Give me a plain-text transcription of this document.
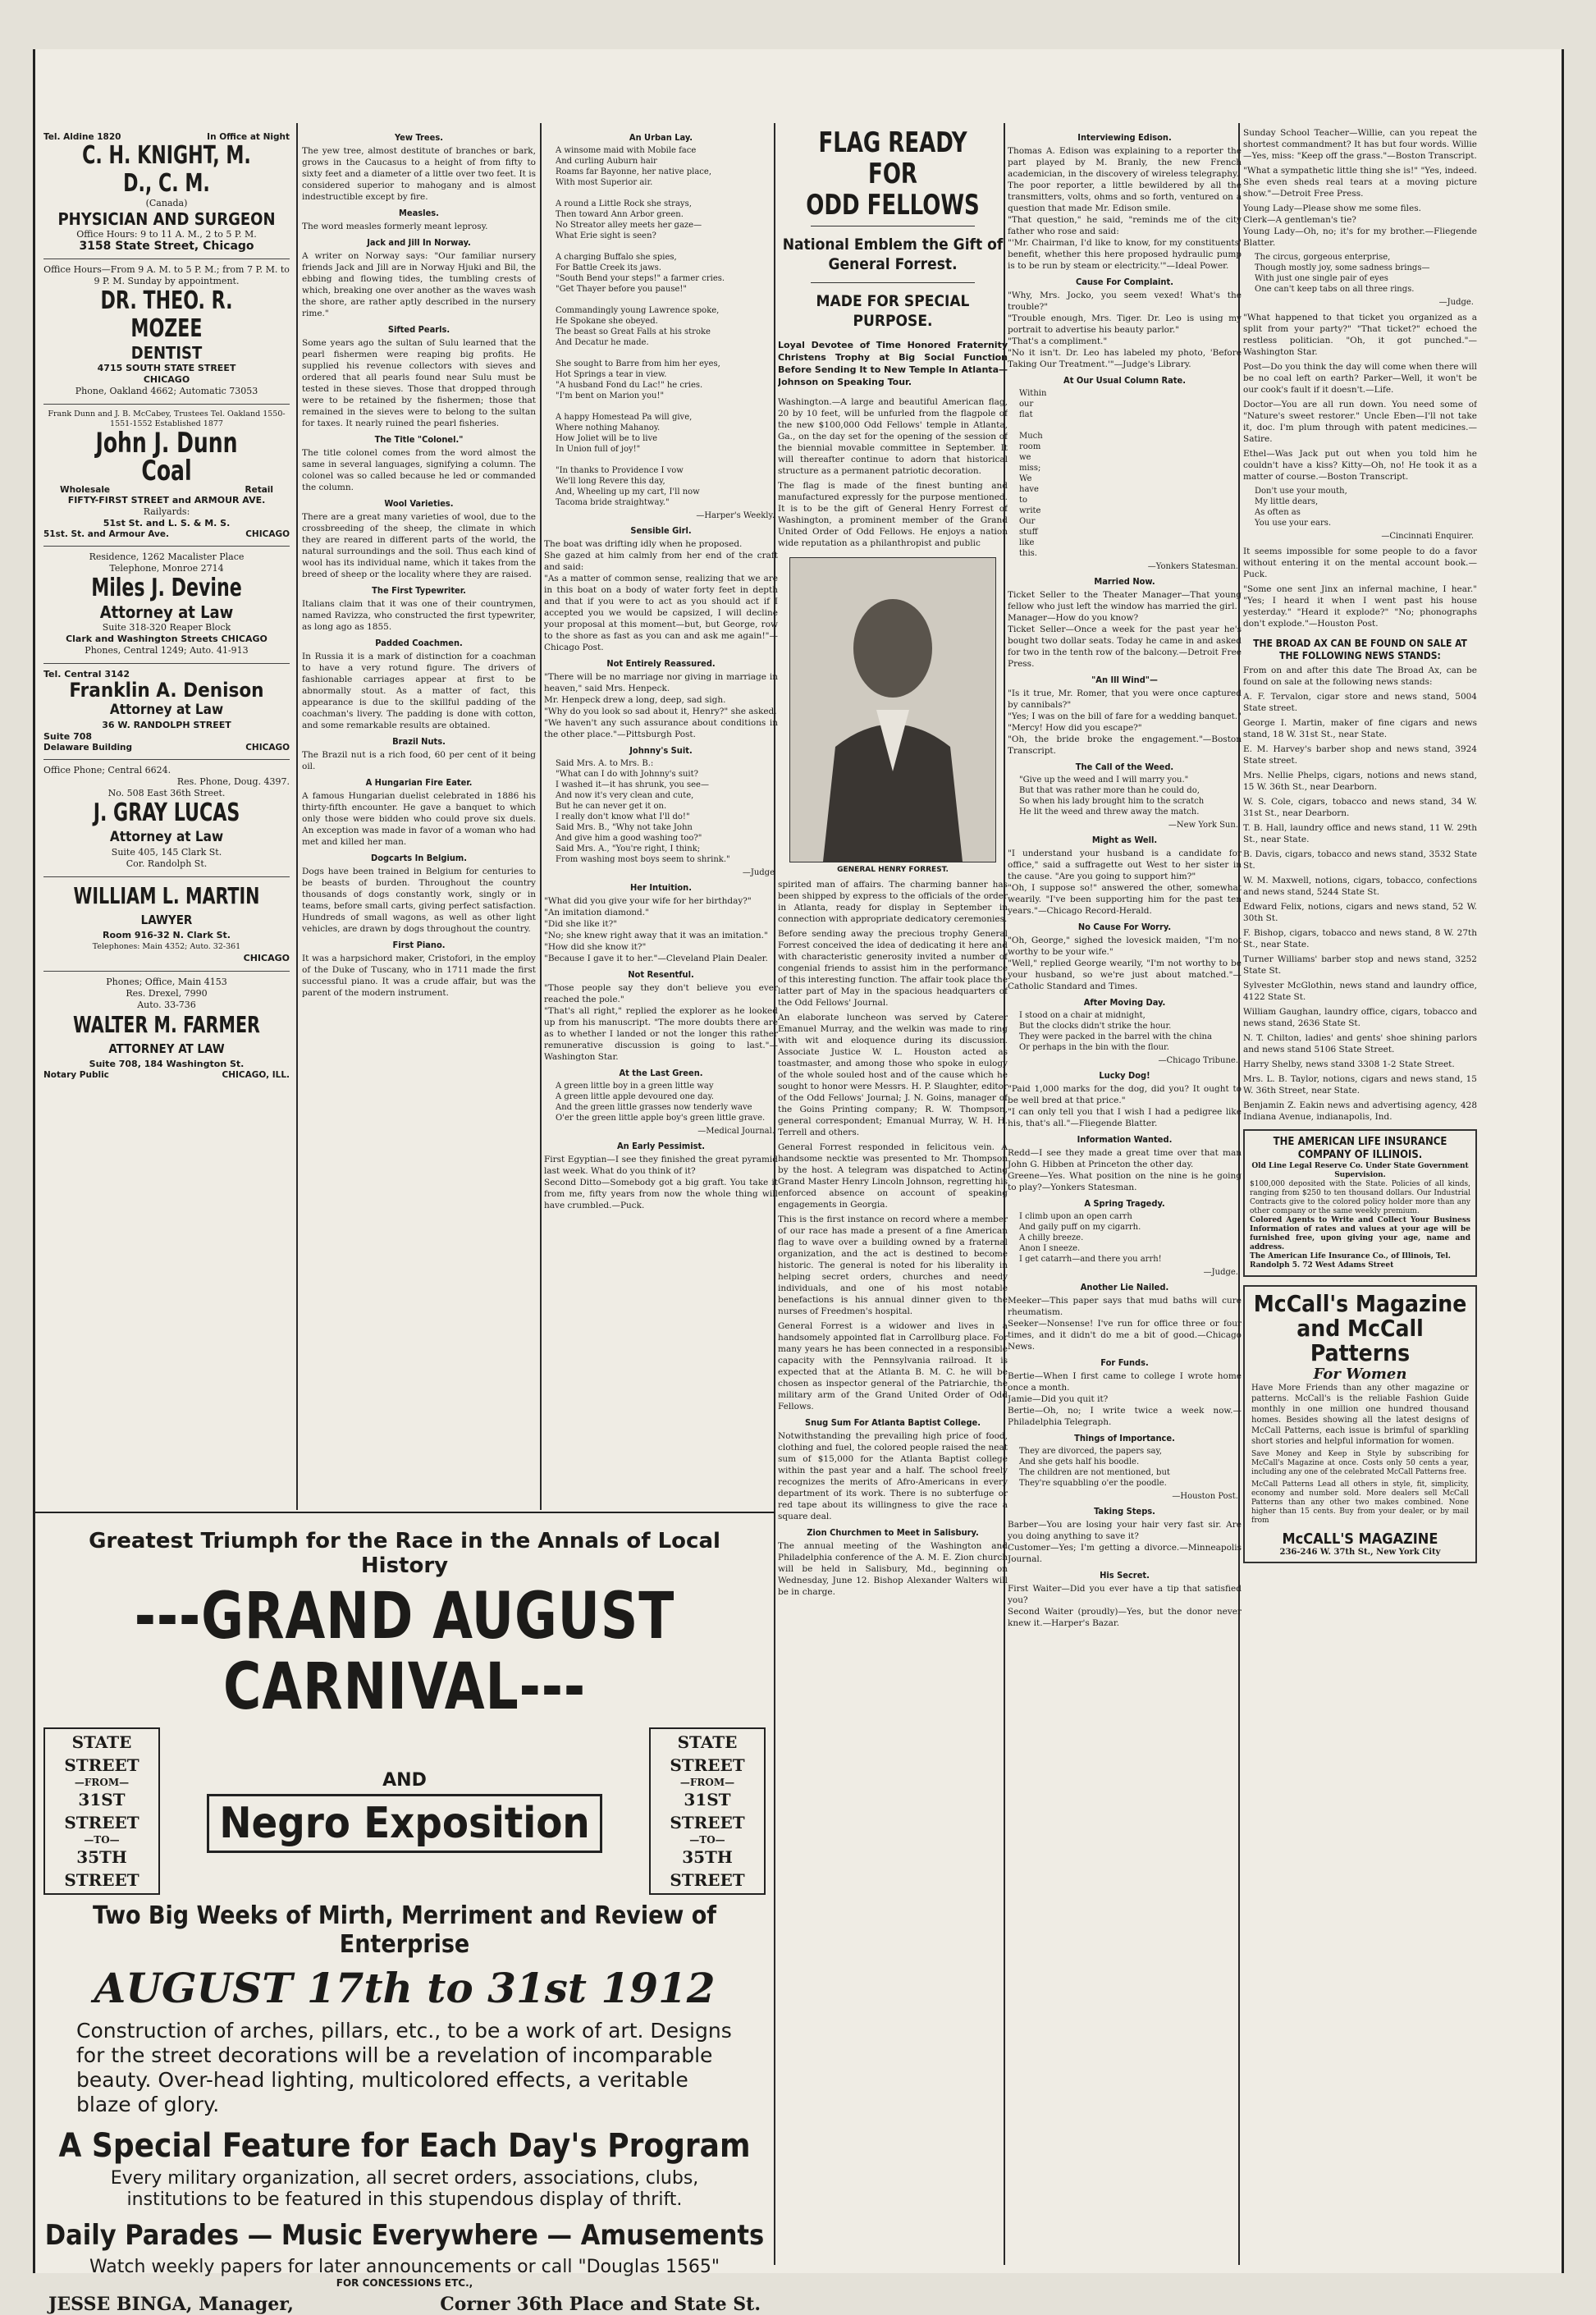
Tel. Aldine 1820	In Office at Night
C. H. KNIGHT, M. D., C. M.
(Canada)
PHYSICIAN AND SURGEON
Office Hours: 9 to 11 A. M., 2 to 5 P. M.
3158 State Street, Chicago
Office Hours—From 9 A. M. to 5 P. M.; from 7 P. M. to 9 P. M. Sunday by appointment.
DR. THEO. R. MOZEE
DENTIST
4715 SOUTH STATE STREET
CHICAGO
Phone, Oakland 4662; Automatic 73053
Frank Dunn and J. B. McCabey, Trustees Tel. Oakland 1550-1551-1552 Established 1877
John J. Dunn
Coal
Wholesale	Retail
FIFTY-FIRST STREET and ARMOUR AVE.
Railyards:
51st St. and L. S. & M. S.
51st. St. and Armour Ave.	CHICAGO
Residence, 1262 Macalister Place
Telephone, Monroe 2714
Miles J. Devine
Attorney at Law
Suite 318-320 Reaper Block
Clark and Washington Streets CHICAGO
Phones, Central 1249; Auto. 41-913
Tel. Central 3142
Franklin A. Denison
Attorney at Law
36 W. RANDOLPH STREET
Suite 708
Delaware Building	CHICAGO
Office Phone; Central 6624.
Res. Phone, Doug. 4397.
No. 508 East 36th Street.
J. GRAY LUCAS
Attorney at Law
Suite 405, 145 Clark St.
Cor. Randolph St.
WILLIAM L. MARTIN
LAWYER
Room 916-32 N. Clark St.
Telephones: Main 4352; Auto. 32-361
CHICAGO
Phones; Office, Main 4153
Res. Drexel, 7990
Auto. 33-736
WALTER M. FARMER
ATTORNEY AT LAW
Suite 708, 184 Washington St.
Notary Public	CHICAGO, ILL.
Yew Trees.

The yew tree, almost destitute of branches or bark, grows in the Caucasus to a height of from fifty to sixty feet and a diameter of a little over two feet. It is considered superior to mahogany and is almost indestructible except by fire.

Measles.

The word measles formerly meant leprosy.

Jack and Jill In Norway.

A writer on Norway says: "Our familiar nursery friends Jack and Jill are in Norway Hjuki and Bil, the ebbing and flowing tides, the tumbling crests of which, breaking one over another as the waves wash the shore, are rather aptly described in the nursery rime."

Sifted Pearls.

Some years ago the sultan of Sulu learned that the pearl fishermen were reaping big profits. He supplied his revenue collectors with sieves and ordered that all pearls found near Sulu must be tested in these sieves. Those that dropped through were to be retained by the fishermen; those that remained in the sieves were to belong to the sultan for taxes. It nearly ruined the pearl fisheries.

The Title "Colonel."

The title colonel comes from the word almost the same in several languages, signifying a column. The colonel was so called because he led or commanded the column.

Wool Varieties.

There are a great many varieties of wool, due to the crossbreeding of the sheep, the climate in which they are reared in different parts of the world, the natural surroundings and the soil. Thus each kind of wool has its individual name, which it takes from the breed of sheep or the locality where they are raised.

The First Typewriter.

Italians claim that it was one of their countrymen, named Ravizza, who constructed the first typewriter, as long ago as 1855.

Padded Coachmen.

In Russia it is a mark of distinction for a coachman to have a very rotund figure. The drivers of fashionable carriages appear at first to be abnormally stout. As a matter of fact, this appearance is due to the skillful padding of the coachman's livery. The padding is done with cotton, and some remarkable results are obtained.

Brazil Nuts.

The Brazil nut is a rich food, 60 per cent of it being oil.

A Hungarian Fire Eater.

A famous Hungarian duelist celebrated in 1886 his thirty-fifth encounter. He gave a banquet to which only those were bidden who could prove six duels. An exception was made in favor of a woman who had met and killed her man.

Dogcarts In Belgium.

Dogs have been trained in Belgium for centuries to be beasts of burden. Throughout the country thousands of dogs constantly work, singly or in teams, before small carts, giving perfect satisfaction. Hundreds of small wagons, as well as other light vehicles, are drawn by dogs throughout the country.

First Piano.

It was a harpsichord maker, Cristofori, in the employ of the Duke of Tuscany, who in 1711 made the first successful piano. It was a crude affair, but was the parent of the modern instrument.

An Urban Lay.
A winsome maid with Mobile face
And curling Auburn hair
Roams far Bayonne, her native place,
With most Superior air.

A round a Little Rock she strays,
Then toward Ann Arbor green.
No Streator alley meets her gaze—
What Erie sight is seen?

A charging Buffalo she spies,
For Battle Creek its jaws.
"South Bend your steps!" a farmer cries.
"Get Thayer before you pause!"

Commandingly young Lawrence spoke,
He Spokane she obeyed.
The beast so Great Falls at his stroke
And Decatur he made.

She sought to Barre from him her eyes,
Hot Springs a tear in view.
"A husband Fond du Lac!" he cries.
"I'm bent on Marion you!"

A happy Homestead Pa will give,
Where nothing Mahanoy.
How Joliet will be to live
In Union full of joy!"

"In thanks to Providence I vow
We'll long Revere this day,
And, Wheeling up my cart, I'll now
Tacoma bride straightway."
—Harper's Weekly.
Sensible Girl.

The boat was drifting idly when he proposed.
She gazed at him calmly from her end of the craft and said:
"As a matter of common sense, realizing that we are in this boat on a body of water forty feet in depth and that if you were to act as you should act if I accepted you we would be capsized, I will decline your proposal at this moment—but, but George, row to the shore as fast as you can and ask me again!"—Chicago Post.

Not Entirely Reassured.

"There will be no marriage nor giving in marriage in heaven," said Mrs. Henpeck.
Mr. Henpeck drew a long, deep, sad sigh.
"Why do you look so sad about it, Henry?" she asked.
"We haven't any such assurance about conditions in the other place."—Pittsburgh Post.

Johnny's Suit.
Said Mrs. A. to Mrs. B.:
"What can I do with Johnny's suit?
I washed it—it has shrunk, you see—
And now it's very clean and cute,
But he can never get it on.
I really don't know what I'll do!"
Said Mrs. B., "Why not take John
And give him a good washing too?"
Said Mrs. A., "You're right, I think;
From washing most boys seem to shrink."
—Judge
Her Intuition.

"What did you give your wife for her birthday?"
"An imitation diamond."
"Did she like it?"
"No; she knew right away that it was an imitation."
"How did she know it?"
"Because I gave it to her."—Cleveland Plain Dealer.

Not Resentful.

"Those people say they don't believe you ever reached the pole."
"That's all right," replied the explorer as he looked up from his manuscript. "The more doubts there are as to whether I landed or not the longer this rather remunerative discussion is going to last."—Washington Star.

At the Last Green.
A green little boy in a green little way
A green little apple devoured one day.
And the green little grasses now tenderly wave
O'er the green little apple boy's green little grave.
—Medical Journal.
An Early Pessimist.

First Egyptian—I see they finished the great pyramid last week. What do you think of it?
Second Ditto—Somebody got a big graft. You take it from me, fifty years from now the whole thing will have crumbled.—Puck.

FLAG READY FOR
ODD FELLOWS
National Emblem the Gift of General Forrest.
MADE FOR SPECIAL PURPOSE.
Loyal Devotee of Time Honored Fraternity Christens Trophy at Big Social Function Before Sending It to New Temple In Atlanta—Johnson on Speaking Tour.

Washington.—A large and beautiful American flag, 20 by 10 feet, will be unfurled from the flagpole of the new $100,000 Odd Fellows' temple in Atlanta, Ga., on the day set for the opening of the session of the biennial movable committee in September. It will thereafter continue to adorn that historical structure as a permanent patriotic decoration.

The flag is made of the finest bunting and manufactured expressly for the purpose mentioned. It is to be the gift of General Henry Forrest of Washington, a prominent member of the Grand United Order of Odd Fellows. He enjoys a nation wide reputation as a philanthropist and public

GENERAL HENRY FORREST.

spirited man of affairs. The charming banner has been shipped by express to the officials of the order in Atlanta, ready for display in September in connection with appropriate dedicatory ceremonies.

Before sending away the precious trophy General Forrest conceived the idea of dedicating it here and with characteristic generosity invited a number of congenial friends to assist him in the performance of this interesting function. The affair took place the latter part of May in the spacious headquarters of the Odd Fellows' Journal.

An elaborate luncheon was served by Caterer Emanuel Murray, and the welkin was made to ring with wit and eloquence during its discussion. Associate Justice W. L. Houston acted as toastmaster, and among those who spoke in eulogy of the whole souled host and of the cause which he sought to honor were Messrs. H. P. Slaughter, editor of the Odd Fellows' Journal; J. N. Goins, manager of the Goins Printing company; R. W. Thompson, general correspondent; Emanual Murray, W. H. H. Terrell and others.

General Forrest responded in felicitous vein. A handsome necktie was presented to Mr. Thompson by the host. A telegram was dispatched to Acting Grand Master Henry Lincoln Johnson, regretting his enforced absence on account of speaking engagements in Georgia.

This is the first instance on record where a member of our race has made a present of a fine American flag to wave over a building owned by a fraternal organization, and the act is destined to become historic. The general is noted for his liberality in helping secret orders, churches and needy individuals, and one of his most notable benefactions is his annual dinner given to the nurses of Freedmen's hospital.

General Forrest is a widower and lives in a handsomely appointed flat in Carrollburg place. For many years he has been connected in a responsible capacity with the Pennsylvania railroad. It is expected that at the Atlanta B. M. C. he will be chosen as inspector general of the Patriarchie, the military arm of the Grand United Order of Odd Fellows.

Snug Sum For Atlanta Baptist College.

Notwithstanding the prevailing high price of food, clothing and fuel, the colored people raised the neat sum of $15,000 for the Atlanta Baptist college within the past year and a half. The school freely recognizes the merits of Afro-Americans in every department of its work. There is no subterfuge or red tape about its willingness to give the race a square deal.

Zion Churchmen to Meet in Salisbury.

The annual meeting of the Washington and Philadelphia conference of the A. M. E. Zion church will be held in Salisbury, Md., beginning on Wednesday, June 12. Bishop Alexander Walters will be in charge.

Interviewing Edison.

Thomas A. Edison was explaining to a reporter the part played by M. Branly, the new French academician, in the discovery of wireless telegraphy.
The poor reporter, a little bewildered by all the transmitters, volts, ohms and so forth, ventured on a question that made Mr. Edison smile.
"That question," he said, "reminds me of the city father who rose and said:
"'Mr. Chairman, I'd like to know, for my constituents' benefit, whether this here proposed hydraulic pump is to be run by steam or electricity.'"—Ideal Power.

Cause For Complaint.

"Why, Mrs. Jocko, you seem vexed! What's the trouble?"
"Trouble enough, Mrs. Tiger. Dr. Leo is using my portrait to advertise his beauty parlor."
"That's a compliment."
"No it isn't. Dr. Leo has labeled my photo, 'Before Taking Our Treatment.'"—Judge's Library.

At Our Usual Column Rate.
Within
our
flat

Much
room
we
miss;
We
have
to
write
Our
stuff
like
this.
—Yonkers Statesman.
Married Now.

Ticket Seller to the Theater Manager—That young fellow who just left the window has married the girl.
Manager—How do you know?
Ticket Seller—Once a week for the past year he's bought two dollar seats. Today he came in and asked for two in the tenth row of the balcony.—Detroit Free Press.

"An Ill Wind"—

"Is it true, Mr. Romer, that you were once captured by cannibals?"
"Yes; I was on the bill of fare for a wedding banquet."
"Mercy! How did you escape?"
"Oh, the bride broke the engagement."—Boston Transcript.

The Call of the Weed.
"Give up the weed and I will marry you."
But that was rather more than he could do,
So when his lady brought him to the scratch
He lit the weed and threw away the match.
—New York Sun.
Might as Well.

"I understand your husband is a candidate for office," said a suffragette out West to her sister in the cause. "Are you going to support him?"
"Oh, I suppose so!" answered the other, somewhat wearily. "I've been supporting him for the past ten years."—Chicago Record-Herald.

No Cause For Worry.

"Oh, George," sighed the lovesick maiden, "I'm not worthy to be your wife."
"Well," replied George wearily, "I'm not worthy to be your husband, so we're just about matched."—Catholic Standard and Times.

After Moving Day.
I stood on a chair at midnight,
But the clocks didn't strike the hour.
They were packed in the barrel with the china
Or perhaps in the bin with the flour.
—Chicago Tribune.
Lucky Dog!

"Paid 1,000 marks for the dog, did you? It ought to be well bred at that price."
"I can only tell you that I wish I had a pedigree like his, that's all."—Fliegende Blatter.

Information Wanted.

Redd—I see they made a great time over that man John G. Hibben at Princeton the other day.
Greene—Yes. What position on the nine is he going to play?—Yonkers Statesman.

A Spring Tragedy.
I climb upon an open carrh
And gaily puff on my cigarrh.
A chilly breeze.
Anon I sneeze.
I get catarrh—and there you arrh!
—Judge.
Another Lie Nailed.

Meeker—This paper says that mud baths will cure rheumatism.
Seeker—Nonsense! I've run for office three or four times, and it didn't do me a bit of good.—Chicago News.

For Funds.

Bertie—When I first came to college I wrote home once a month.
Jamie—Did you quit it?
Bertie—Oh, no; I write twice a week now.—Philadelphia Telegraph.

Things of Importance.
They are divorced, the papers say,
And she gets half his boodle.
The children are not mentioned, but
They're squabbling o'er the poodle.
—Houston Post.
Taking Steps.

Barber—You are losing your hair very fast sir. Are you doing anything to save it?
Customer—Yes; I'm getting a divorce.—Minneapolis Journal.

His Secret.

First Waiter—Did you ever have a tip that satisfied you?
Second Waiter (proudly)—Yes, but the donor never knew it.—Harper's Bazar.

Sunday School Teacher—Willie, can you repeat the shortest commandment? It has but four words. Willie—Yes, miss: "Keep off the grass."—Boston Transcript.

"What a sympathetic little thing she is!" "Yes, indeed. She even sheds real tears at a moving picture show."—Detroit Free Press.

Young Lady—Please show me some files.
Clerk—A gentleman's tie?
Young Lady—Oh, no; it's for my brother.—Fliegende Blatter.

The circus, gorgeous enterprise,
Though mostly joy, some sadness brings—
With just one single pair of eyes
One can't keep tabs on all three rings.
—Judge.

"What happened to that ticket you organized as a split from your party?" "That ticket?" echoed the restless politician. "Oh, it got punched."—Washington Star.

Post—Do you think the day will come when there will be no coal left on earth? Parker—Well, it won't be our cook's fault if it doesn't.—Life.

Doctor—You are all run down. You need some of "Nature's sweet restorer." Uncle Eben—I'll not take it, doc. I'm plum through with patent medicines.—Satire.

Ethel—Was Jack put out when you told him he couldn't have a kiss? Kitty—Oh, no! He took it as a matter of course.—Boston Transcript.

Don't use your mouth,
My little dears,
As often as
You use your ears.
—Cincinnati Enquirer.

It seems impossible for some people to do a favor without entering it on the mental account book.—Puck.

"Some one sent Jinx an infernal machine, I hear." "Yes; I heard it when I went past his house yesterday." "Heard it explode?" "No; phonographs don't explode."—Houston Post.

THE BROAD AX CAN BE FOUND ON SALE AT THE FOLLOWING NEWS STANDS:

From on and after this date The Broad Ax, can be found on sale at the following news stands:

A. F. Tervalon, cigar store and news stand, 5004 State street.

George I. Martin, maker of fine cigars and news stand, 18 W. 31st St., near State.

E. M. Harvey's barber shop and news stand, 3924 State street.

Mrs. Nellie Phelps, cigars, notions and news stand, 15 W. 36th St., near Dearborn.

W. S. Cole, cigars, tobacco and news stand, 34 W. 31st St., near Dearborn.

T. B. Hall, laundry office and news stand, 11 W. 29th St., near State.

B. Davis, cigars, tobacco and news stand, 3532 State St.

W. M. Maxwell, notions, cigars, tobacco, confections and news stand, 5244 State St.

Edward Felix, notions, cigars and news stand, 52 W. 30th St.

F. Bishop, cigars, tobacco and news stand, 8 W. 27th St., near State.

Turner Williams' barber stop and news stand, 3252 State St.

Sylvester McGlothin, news stand and laundry office, 4122 State St.

William Gaughan, laundry office, cigars, tobacco and news stand, 2636 State St.

N. T. Chilton, ladies' and gents' shoe shining parlors and news stand 5106 State Street.

Harry Shelby, news stand 3308 1-2 State Street.

Mrs. L. B. Taylor, notions, cigars and news stand, 15 W. 36th Street, near State.

Benjamin Z. Eakin news and advertising agency, 428 Indiana Avenue, indianapolis, Ind.

THE AMERICAN LIFE INSURANCE COMPANY OF ILLINOIS.
Old Line Legal Reserve Co. Under State Government Supervision.
$100,000 deposited with the State. Policies of all kinds, ranging from $250 to ten thousand dollars. Our Industrial Contracts give to the colored policy holder more than any other company or the same weekly premium.
Colored Agents to Write and Collect Your Business Information of rates and values at your age will be furnished free, upon giving your age, name and address.
The American Life Insurance Co., of Illinois, Tel. Randolph 5. 72 West Adams Street
McCall's Magazine
and McCall Patterns
For Women
Have More Friends than any other magazine or patterns. McCall's is the reliable Fashion Guide monthly in one million one hundred thousand homes. Besides showing all the latest designs of McCall Patterns, each issue is brimful of sparkling short stories and helpful information for women.
Save Money and Keep in Style by subscribing for McCall's Magazine at once. Costs only 50 cents a year, including any one of the celebrated McCall Patterns free.
McCall Patterns Lead all others in style, fit, simplicity, economy and number sold. More dealers sell McCall Patterns than any other two makes combined. None higher than 15 cents. Buy from your dealer, or by mail from
McCALL'S MAGAZINE
236-246 W. 37th St., New York City
Greatest Triumph for the Race in the Annals of Local History
---GRAND AUGUST CARNIVAL---
STATE STREET
—FROM—
31ST STREET
—TO—
35TH STREET
AND
Negro Exposition
STATE STREET
—FROM—
31ST STREET
—TO—
35TH STREET
Two Big Weeks of Mirth, Merriment and Review of Enterprise
AUGUST 17th to 31st 1912
Construction of arches, pillars, etc., to be a work of art. Designs for the street decorations will be a revelation of incomparable beauty. Over-head lighting, multicolored effects, a veritable blaze of glory.
A Special Feature for Each Day's Program
Every military organization, all secret orders, associations, clubs, institutions to be featured in this stupendous display of thrift.
Daily Parades — Music Everywhere — Amusements
Watch weekly papers for later announcements or call "Douglas 1565"
FOR CONCESSIONS ETC.,
JESSE BINGA, Manager,	Corner 36th Place and State St.
